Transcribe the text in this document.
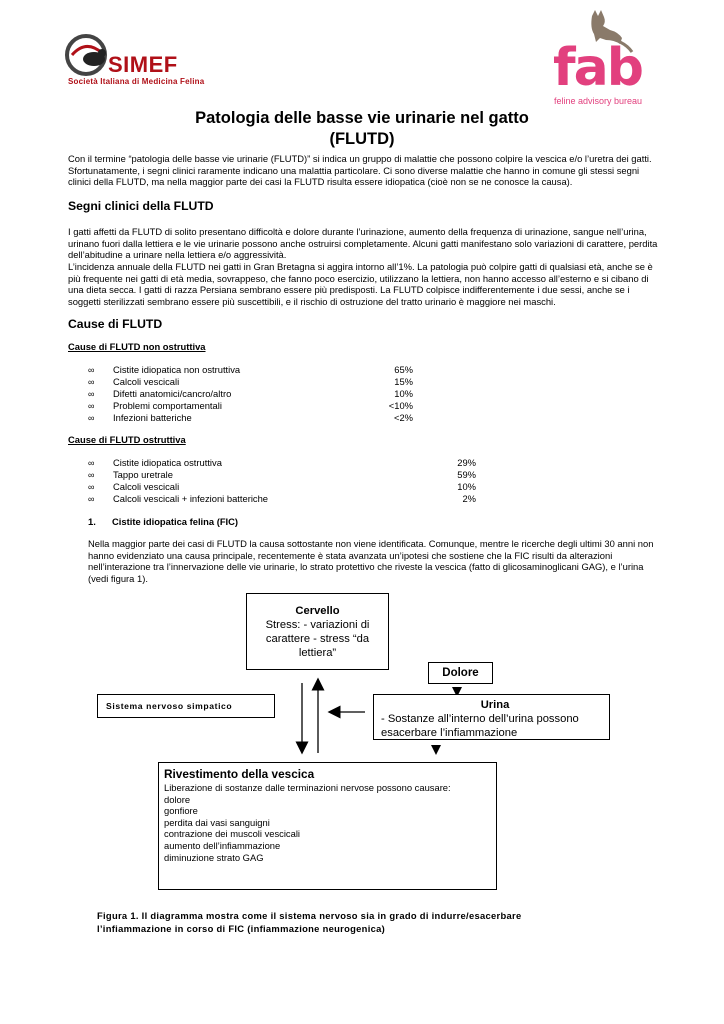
SIMEF
Società Italiana di Medicina Felina	fab
feline advisory bureau
Patologia delle basse vie urinarie nel gatto (FLUTD)
Con il termine “patologia delle basse vie urinarie (FLUTD)” si indica un gruppo di malattie che possono colpire la vescica e/o l’uretra dei gatti. Sfortunatamente, i segni clinici raramente indicano una malattia particolare. Ci sono diverse malattie che hanno in comune gli stessi segni clinici della FLUTD, ma nella maggior parte dei casi la FLUTD risulta essere idiopatica (cioè non se ne conosce la causa).
Segni clinici della FLUTD
I gatti affetti da FLUTD di solito presentano difficoltà e dolore durante l’urinazione, aumento della frequenza di urinazione, sangue nell’urina, urinano fuori dalla lettiera e le vie urinarie possono anche ostruirsi completamente. Alcuni gatti manifestano solo variazioni di carattere, perdita dell’abitudine a urinare nella lettiera e/o aggressività.
L’incidenza annuale della FLUTD nei gatti in Gran Bretagna si aggira intorno all’1%. La patologia può colpire gatti di qualsiasi età, anche se è più frequente nei gatti di età media, sovrappeso, che fanno poco esercizio, utilizzano la lettiera, non hanno accesso all’esterno e si cibano di una dieta secca. I gatti di razza Persiana sembrano essere più predisposti. La FLUTD colpisce indifferentemente i due sessi, anche se i soggetti sterilizzati sembrano essere più suscettibili, e il rischio di ostruzione del tratto urinario è maggiore nei maschi.
Cause di FLUTD
Cause di FLUTD non ostruttiva
∞ Cistite idiopatica non ostruttiva	65%
∞ Calcoli vescicali	15%
∞ Difetti anatomici/cancro/altro	10%
∞ Problemi comportamentali	<10%
∞ Infezioni batteriche	<2%
Cause di FLUTD ostruttiva
∞ Cistite idiopatica ostruttiva	29%
∞ Tappo uretrale	59%
∞ Calcoli vescicali	10%
∞ Calcoli vescicali + infezioni batteriche	2%
1. Cistite idiopatica felina (FIC)
Nella maggior parte dei casi di FLUTD la causa sottostante non viene identificata. Comunque, mentre le ricerche degli ultimi 30 anni non hanno evidenziato una causa principale, recentemente è stata avanzata un’ipotesi che sostiene che la FIC risulti da alterazioni nell’interazione tra l’innervazione delle vie urinarie, lo strato protettivo che riveste la vescica (fatto di glicosaminoglicani GAG), e l’urina (vedi figura 1).
Cervello
Stress: - variazioni di carattere - stress “da lettiera”
Dolore
Sistema nervoso simpatico	Urina
- Sostanze all’interno dell’urina possono esacerbare l’infiammazione
Rivestimento della vescica
Liberazione di sostanze dalle terminazioni nervose possono causare:
dolore
gonfiore
perdita dai vasi sanguigni
contrazione dei muscoli vescicali
aumento dell’infiammazione
diminuzione strato GAG
Figura 1. Il diagramma mostra come il sistema nervoso sia in grado di indurre/esacerbare l’infiammazione in corso di FIC (infiammazione neurogenica)
